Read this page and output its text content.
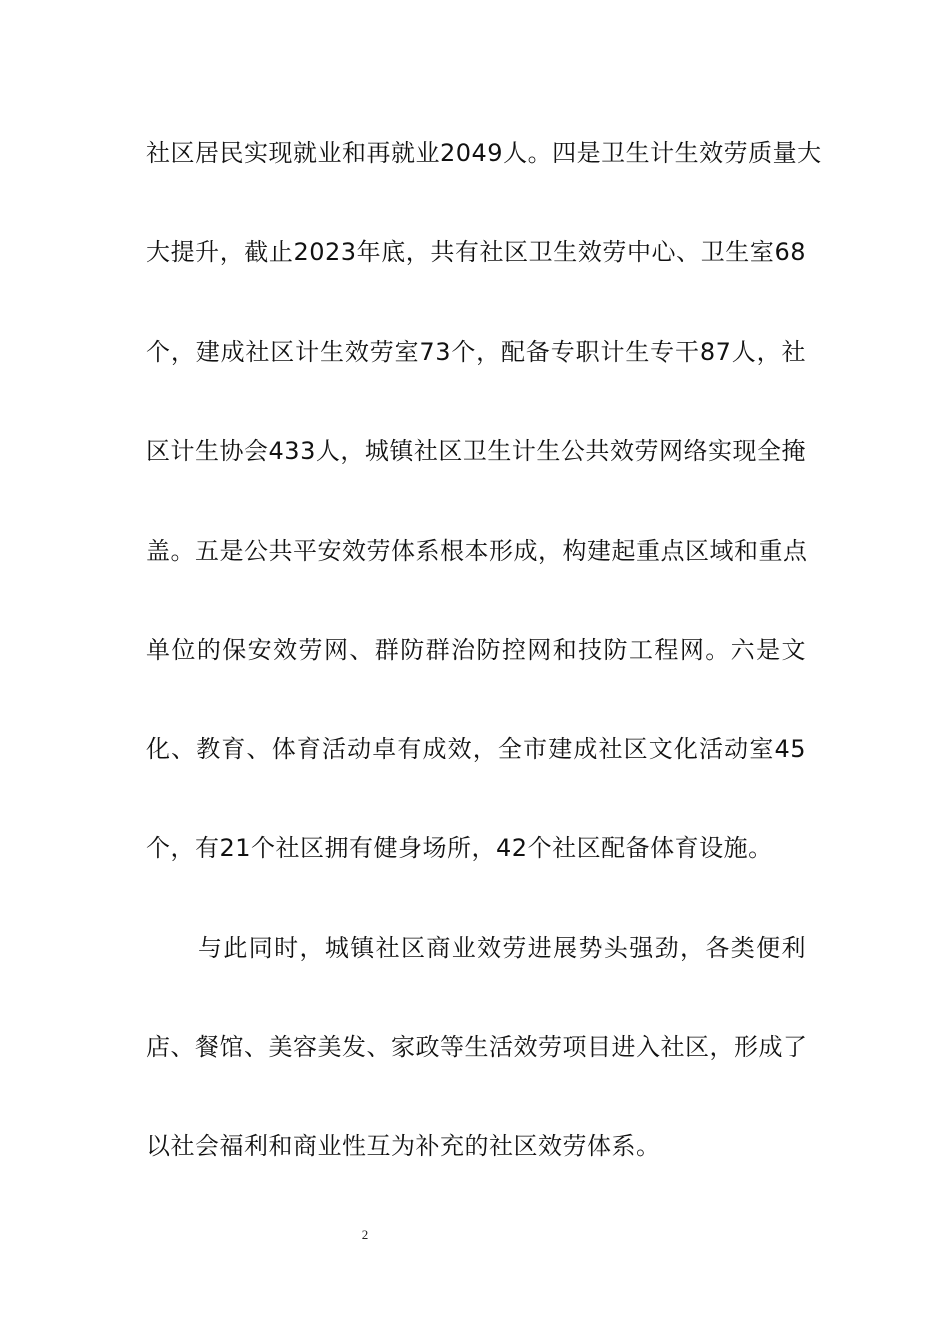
社区居民实现就业和再就业2049人。四是卫生计生效劳质量大
大提升，截止2023年底，共有社区卫生效劳中心、卫生室68
个，建成社区计生效劳室73个，配备专职计生专干87人，社
区计生协会433人，城镇社区卫生计生公共效劳网络实现全掩
盖。五是公共平安效劳体系根本形成，构建起重点区域和重点
单位的保安效劳网、群防群治防控网和技防工程网。六是文
化、教育、体育活动卓有成效，全市建成社区文化活动室45
个，有21个社区拥有健身场所，42个社区配备体育设施。
与此同时，城镇社区商业效劳进展势头强劲，各类便利
店、餐馆、美容美发、家政等生活效劳项目进入社区，形成了
以社会福利和商业性互为补充的社区效劳体系。
2
